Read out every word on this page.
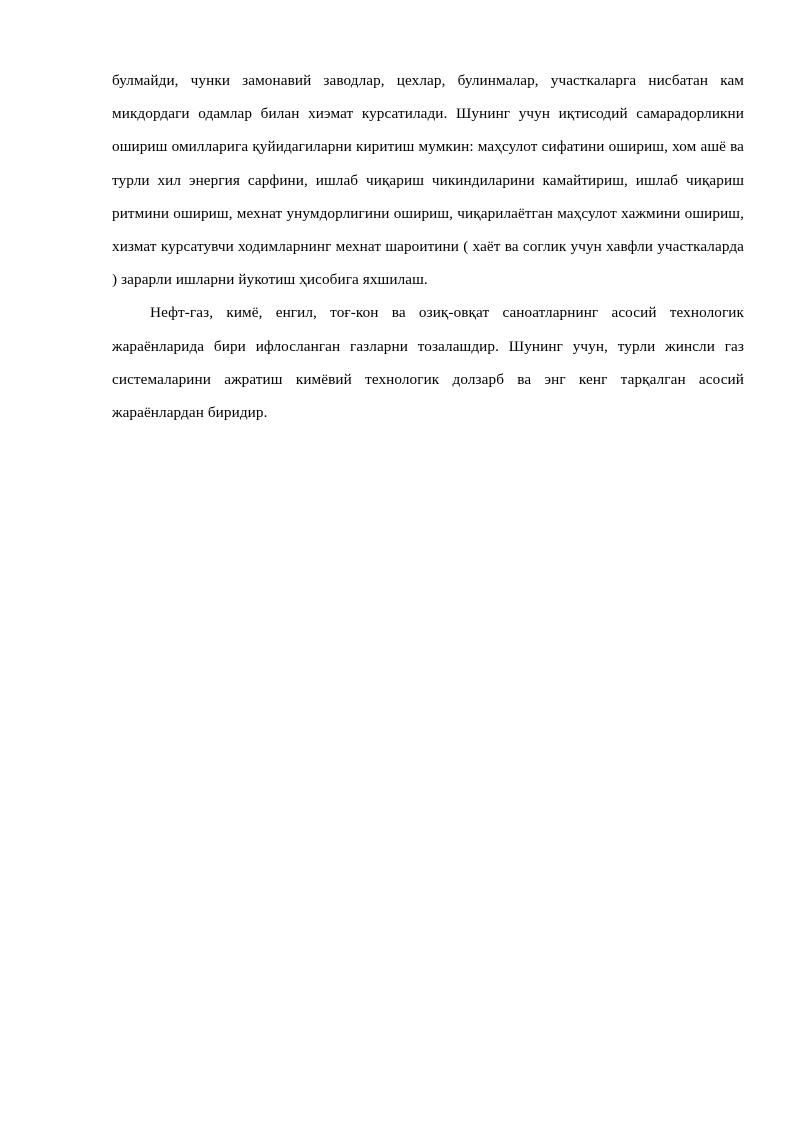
булмайди, чунки замонавий заводлар, цехлар, булинмалар, участкаларга нисбатан кам микдордаги одамлар билан хиэмат курсатилади. Шунинг учун иқтисодий самарадорликни ошириш омилларига қуйидагиларни киритиш мумкин: маҳсулот сифатини ошириш, хом ашё ва турли хил энергия сарфини, ишлаб чиқариш чикиндиларини камайтириш, ишлаб чиқариш ритмини ошириш, мехнат унумдорлигини ошириш, чиқарилаётган маҳсулот хажмини ошириш, хизмат курсатувчи ходимларнинг мехнат шароитини ( хаёт ва соглик учун хавфли участкаларда ) зарарли ишларни йукотиш ҳисобига яхшилаш.

Нефт-газ, кимё, енгил, тоғ-кон ва озиқ-овқат саноатларнинг асосий технологик жараёнларида бири ифлосланган газларни тозалашдир. Шунинг учун, турли жинсли газ системаларини ажратиш кимёвий технологик долзарб ва энг кенг тарқалган асосий жараёнлардан биридир.
